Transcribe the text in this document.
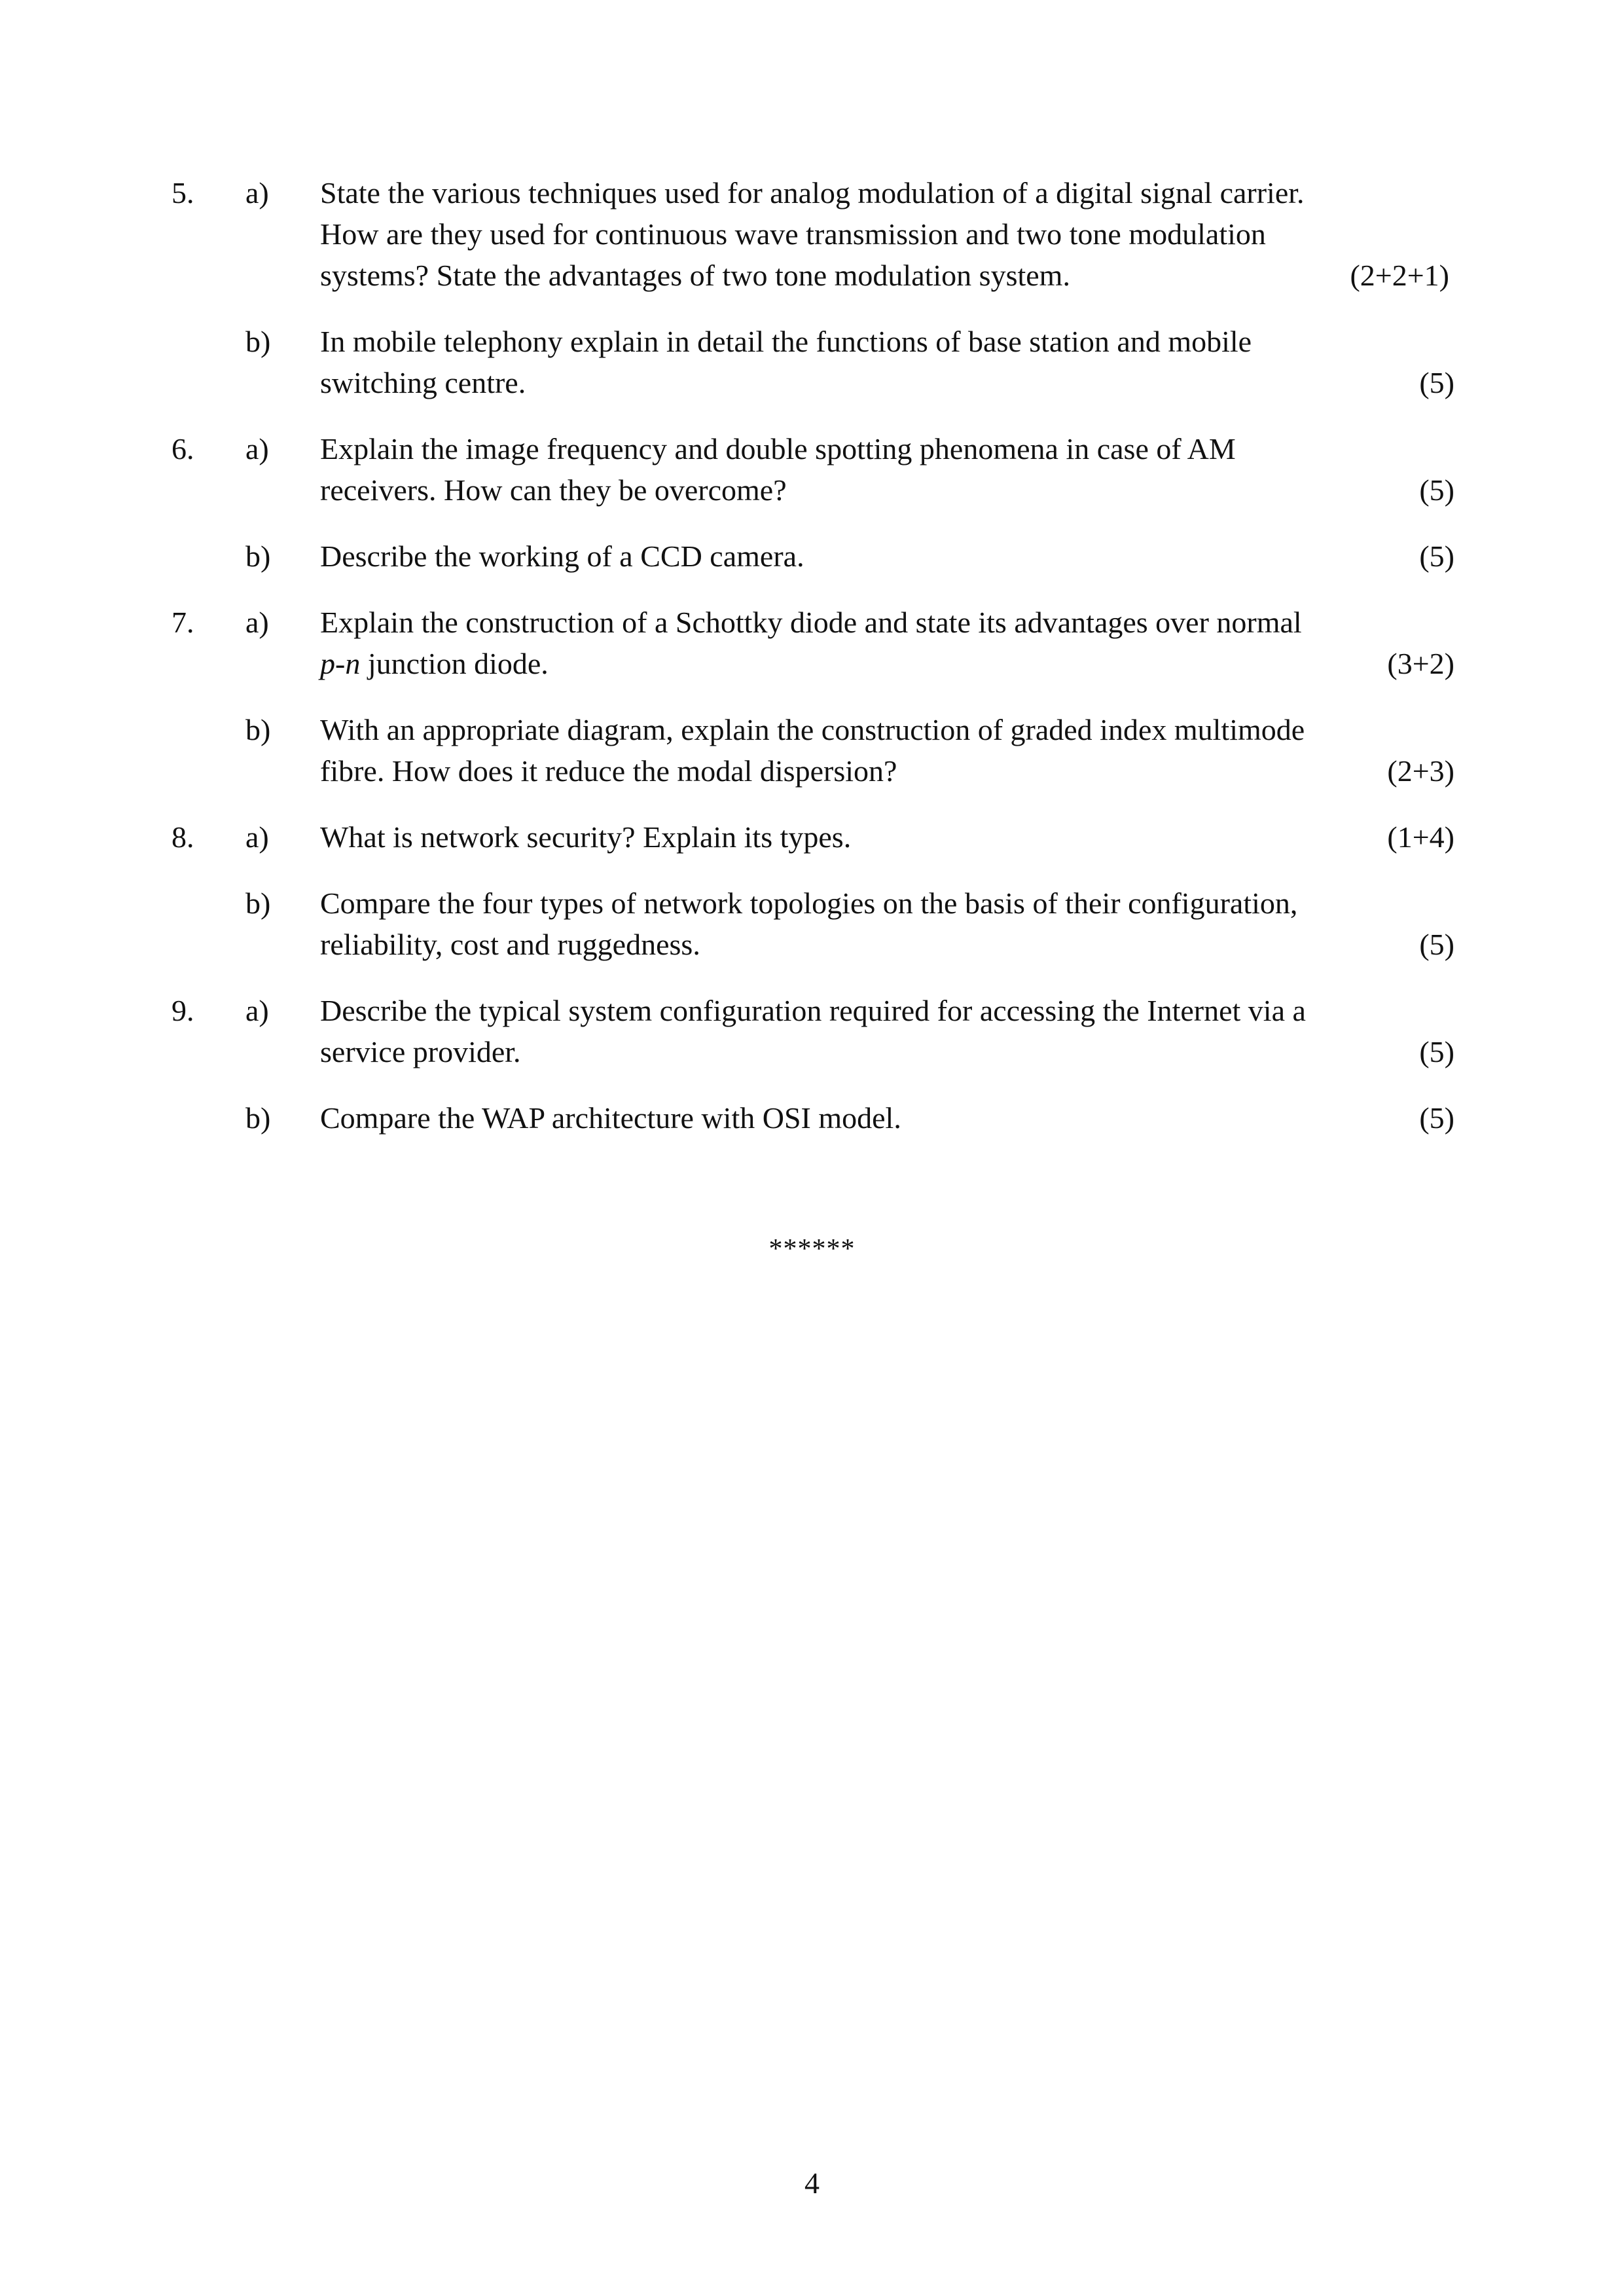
5.	a)	State the various techniques used for analog modulation of a digital signal carrier.
How are they used for continuous wave transmission and two tone modulation
systems? State the advantages of two tone modulation system.	(2+2+1)
b)	In mobile telephony explain in detail the functions of base station and mobile
switching centre.	(5)
6.	a)	Explain the image frequency and double spotting phenomena in case of AM
receivers. How can they be overcome?	(5)
b)	Describe the working of a CCD camera.	(5)
7.	a)	Explain the construction of a Schottky diode and state its advantages over normal
p-n junction diode.	(3+2)
b)	With an appropriate diagram, explain the construction of graded index multimode
fibre. How does it reduce the modal dispersion?	(2+3)
8.	a)	What is network security? Explain its types.	(1+4)
b)	Compare the four types of network topologies on the basis of their configuration,
reliability, cost and ruggedness.	(5)
9.	a)	Describe the typical system configuration required for accessing the Internet via a
service provider.	(5)
b)	Compare the WAP architecture with OSI model.	(5)
******
4
